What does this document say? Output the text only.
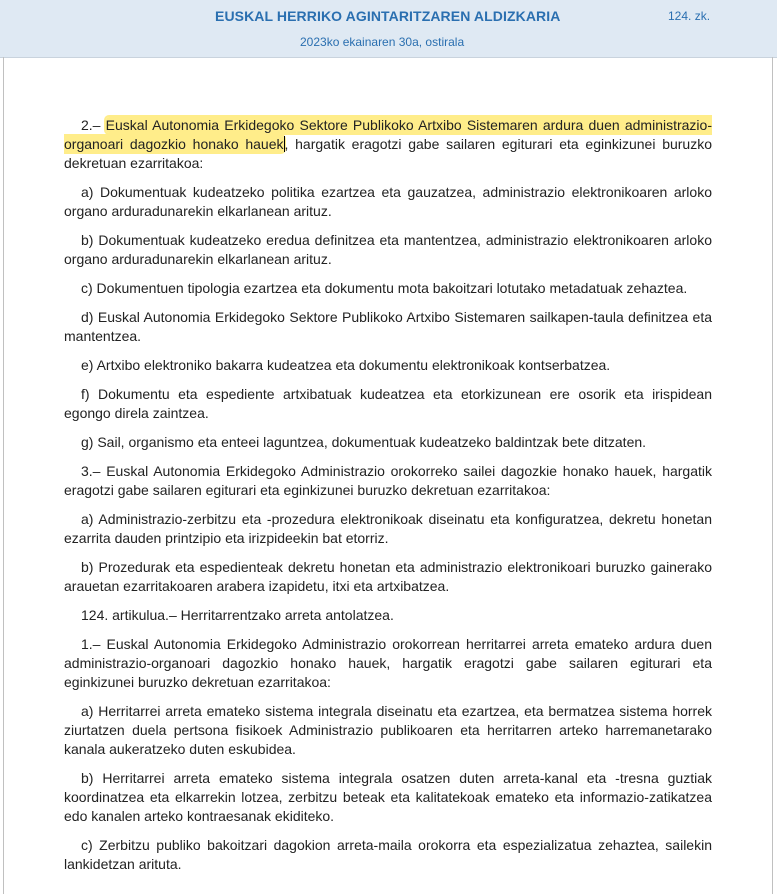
EUSKAL HERRIKO AGINTARITZAREN ALDIZKARIA	124. zk.
2023ko ekainaren 30a, ostirala

2.– Euskal Autonomia Erkidegoko Sektore Publikoko Artxibo Sistemaren ardura duen administrazio-organoari dagozkio honako hauek, hargatik eragotzi gabe sailaren egiturari eta eginkizunei buruzko dekretuan ezarritakoa:

a) Dokumentuak kudeatzeko politika ezartzea eta gauzatzea, administrazio elektronikoaren arloko organo arduradunarekin elkarlanean arituz.

b) Dokumentuak kudeatzeko eredua definitzea eta mantentzea, administrazio elektronikoaren arloko organo arduradunarekin elkarlanean arituz.

c) Dokumentuen tipologia ezartzea eta dokumentu mota bakoitzari lotutako metadatuak zehaztea.

d) Euskal Autonomia Erkidegoko Sektore Publikoko Artxibo Sistemaren sailkapen-taula definitzea eta mantentzea.

e) Artxibo elektroniko bakarra kudeatzea eta dokumentu elektronikoak kontserbatzea.

f) Dokumentu eta espediente artxibatuak kudeatzea eta etorkizunean ere osorik eta irispidean egongo direla zaintzea.

g) Sail, organismo eta enteei laguntzea, dokumentuak kudeatzeko baldintzak bete ditzaten.

3.– Euskal Autonomia Erkidegoko Administrazio orokorreko sailei dagozkie honako hauek, hargatik eragotzi gabe sailaren egiturari eta eginkizunei buruzko dekretuan ezarritakoa:

a) Administrazio-zerbitzu eta -prozedura elektronikoak diseinatu eta konfiguratzea, dekretu honetan ezarrita dauden printzipio eta irizpideekin bat etorriz.

b) Prozedurak eta espedienteak dekretu honetan eta administrazio elektronikoari buruzko gainerako arauetan ezarritakoaren arabera izapidetu, itxi eta artxibatzea.

124. artikulua.– Herritarrentzako arreta antolatzea.

1.– Euskal Autonomia Erkidegoko Administrazio orokorrean herritarrei arreta emateko ardura duen administrazio-organoari dagozkio honako hauek, hargatik eragotzi gabe sailaren egiturari eta eginkizunei buruzko dekretuan ezarritakoa:

a) Herritarrei arreta emateko sistema integrala diseinatu eta ezartzea, eta bermatzea sistema horrek ziurtatzen duela pertsona fisikoek Administrazio publikoaren eta herritarren arteko harremanetarako kanala aukeratzeko duten eskubidea.

b) Herritarrei arreta emateko sistema integrala osatzen duten arreta-kanal eta -tresna guztiak koordinatzea eta elkarrekin lotzea, zerbitzu beteak eta kalitatekoak emateko eta informazio-zatikatzea edo kanalen arteko kontraesanak ekiditeko.

c) Zerbitzu publiko bakoitzari dagokion arreta-maila orokorra eta espezializatua zehaztea, sailekin lankidetzan arituta.
